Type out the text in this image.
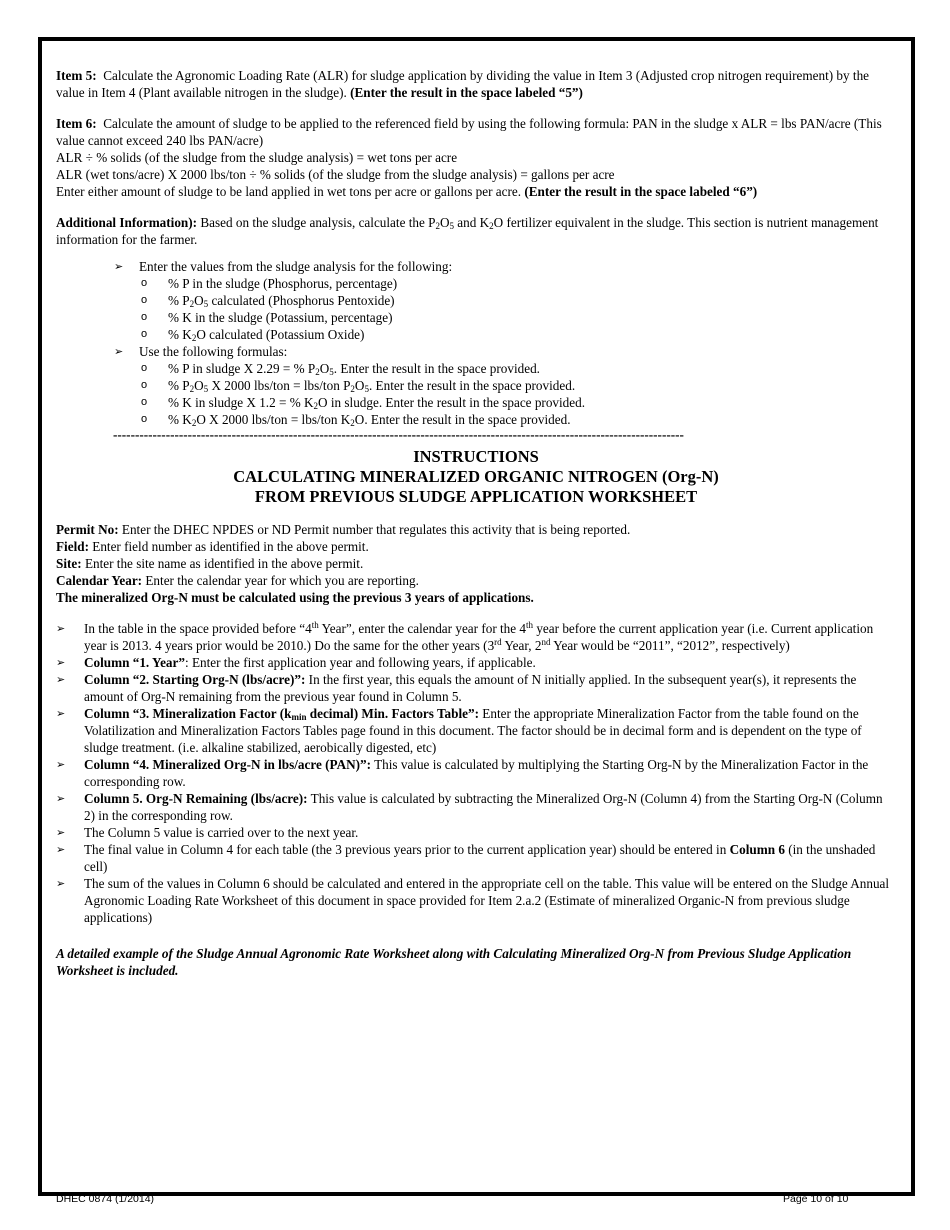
Item 5: Calculate the Agronomic Loading Rate (ALR) for sludge application by dividing the value in Item 3 (Adjusted crop nitrogen requirement) by the value in Item 4 (Plant available nitrogen in the sludge). (Enter the result in the space labeled “5”)

Item 6: Calculate the amount of sludge to be applied to the referenced field by using the following formula: PAN in the sludge x ALR = lbs PAN/acre (This value cannot exceed 240 lbs PAN/acre)

ALR ÷ % solids (of the sludge from the sludge analysis) = wet tons per acre

ALR (wet tons/acre) X 2000 lbs/ton ÷ % solids (of the sludge from the sludge analysis) = gallons per acre

Enter either amount of sludge to be land applied in wet tons per acre or gallons per acre. (Enter the result in the space labeled “6”)

Additional Information): Based on the sludge analysis, calculate the $P_2O_5$ and $K_2O$ fertilizer equivalent in the sludge. This section is nutrient management information for the farmer.

➢ Enter the values from the sludge analysis for the following:
o % P in the sludge (Phosphorus, percentage)
o % $P_2O_5$ calculated (Phosphorus Pentoxide)
o % K in the sludge (Potassium, percentage)
o % $K_2O$ calculated (Potassium Oxide)
➢ Use the following formulas:
o % P in sludge X 2.29 = % $P_2O_5$. Enter the result in the space provided.
o % $P_2O_5$ X 2000 lbs/ton = lbs/ton $P_2O_5$. Enter the result in the space provided.
o % K in sludge X 1.2 = % $K_2O$ in sludge. Enter the result in the space provided.
o % $K_2O$ X 2000 lbs/ton = lbs/ton $K_2O$. Enter the result in the space provided.
----------------------------------------------------------------------------------------------------------------------------------
INSTRUCTIONS
CALCULATING MINERALIZED ORGANIC NITROGEN (Org-N)
FROM PREVIOUS SLUDGE APPLICATION WORKSHEET

Permit No: Enter the DHEC NPDES or ND Permit number that regulates this activity that is being reported.

Field: Enter field number as identified in the above permit.

Site: Enter the site name as identified in the above permit.

Calendar Year: Enter the calendar year for which you are reporting.

The mineralized Org-N must be calculated using the previous 3 years of applications.

➢ In the table in the space provided before “4th Year”, enter the calendar year for the 4th year before the current application year (i.e. Current application year is 2013. 4 years prior would be 2010.) Do the same for the other years (3rd Year, 2nd Year would be “2011”, “2012”, respectively)
➢ Column “1. Year”: Enter the first application year and following years, if applicable.
➢ Column “2. Starting Org-N (lbs/acre)”: In the first year, this equals the amount of N initially applied. In the subsequent year(s), it represents the amount of Org-N remaining from the previous year found in Column 5.
➢ Column “3. Mineralization Factor ($k_{min}$ decimal) Min. Factors Table”: Enter the appropriate Mineralization Factor from the table found on the Volatilization and Mineralization Factors Tables page found in this document. The factor should be in decimal form and is dependent on the type of sludge treatment. (i.e. alkaline stabilized, aerobically digested, etc)
➢ Column “4. Mineralized Org-N in lbs/acre (PAN)”: This value is calculated by multiplying the Starting Org-N by the Mineralization Factor in the corresponding row.
➢ Column 5. Org-N Remaining (lbs/acre): This value is calculated by subtracting the Mineralized Org-N (Column 4) from the Starting Org-N (Column 2) in the corresponding row.
➢ The Column 5 value is carried over to the next year.
➢ The final value in Column 4 for each table (the 3 previous years prior to the current application year) should be entered in Column 6 (in the unshaded cell)
➢ The sum of the values in Column 6 should be calculated and entered in the appropriate cell on the table. This value will be entered on the Sludge Annual Agronomic Loading Rate Worksheet of this document in space provided for Item 2.a.2 (Estimate of mineralized Organic-N from previous sludge applications)

A detailed example of the Sludge Annual Agronomic Rate Worksheet along with Calculating Mineralized Org-N from Previous Sludge Application Worksheet is included.

DHEC 0874 (1/2014)	Page 10 of 10
